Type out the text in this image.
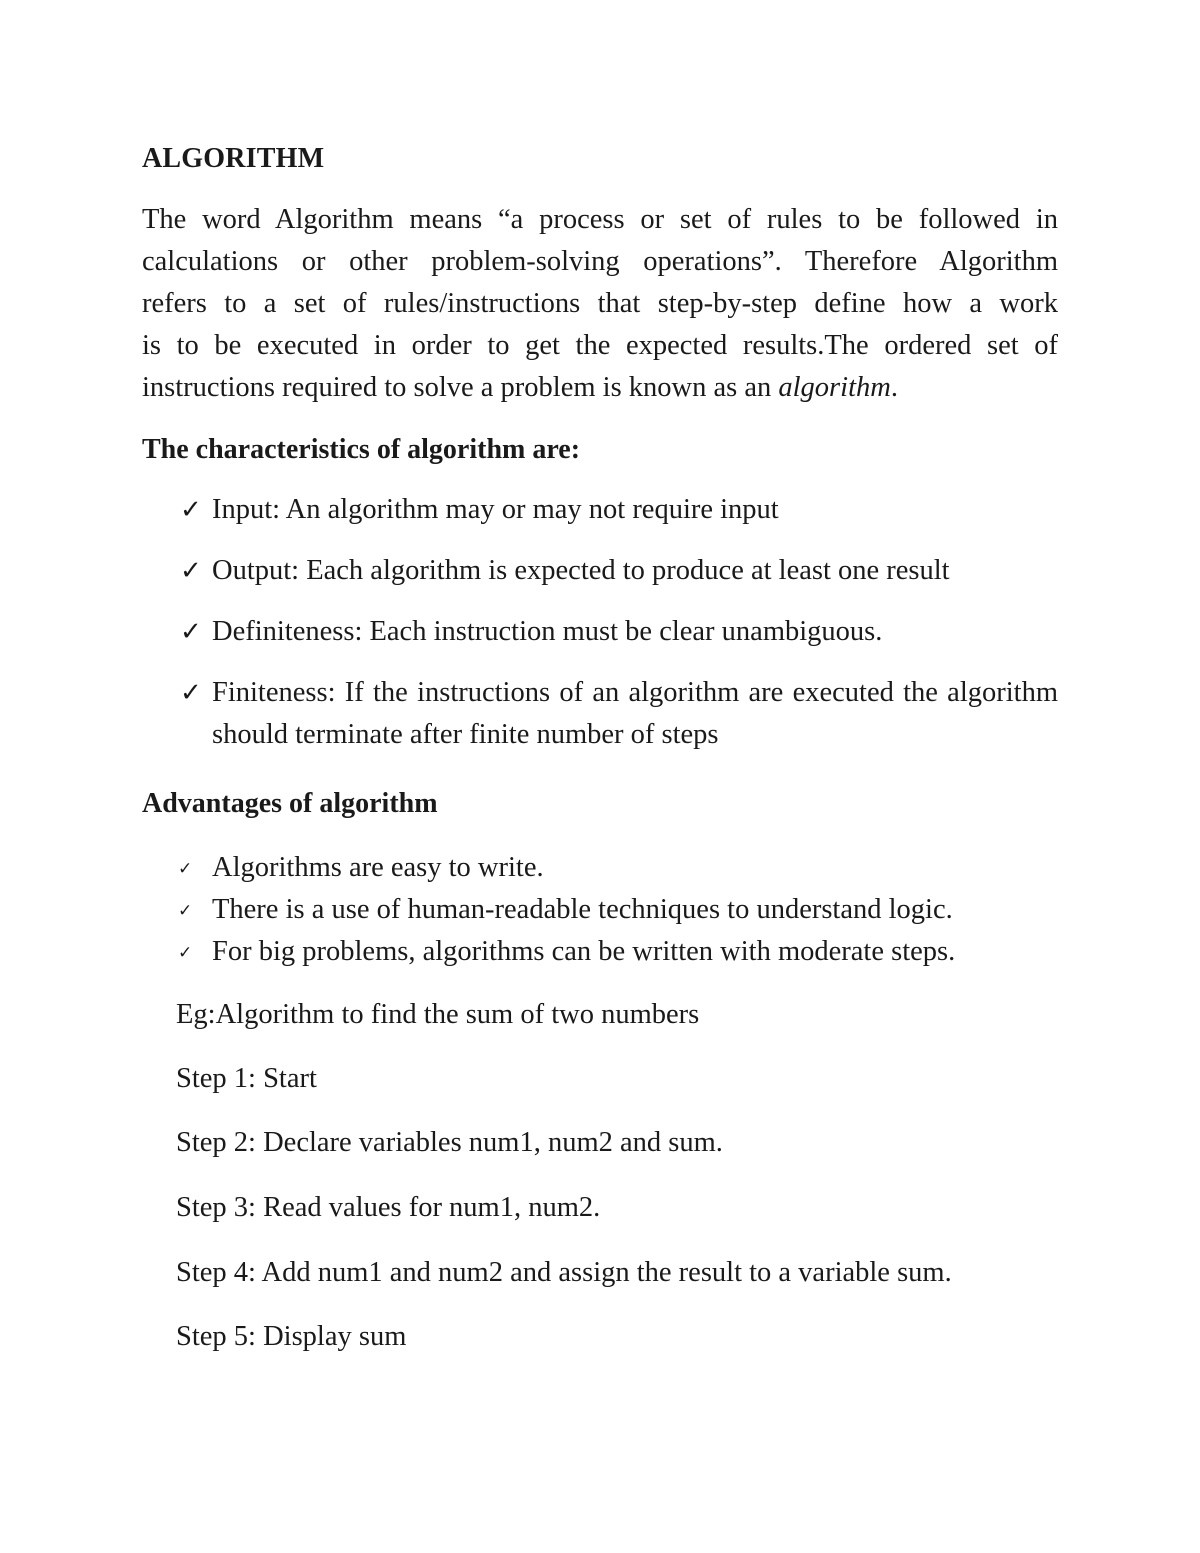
ALGORITHM
The word Algorithm means “a process or set of rules to be followed in
calculations or other problem-solving operations”. Therefore Algorithm
refers to a set of rules/instructions that step-by-step define how a work
is to be executed in order to get the expected results.The ordered set of
instructions required to solve a problem is known as an algorithm.
The characteristics of algorithm are:
✓ Input: An algorithm may or may not require input
✓ Output: Each algorithm is expected to produce at least one result
✓ Definiteness: Each instruction must be clear unambiguous.
✓ Finiteness: If the instructions of an algorithm are executed the algorithm should terminate after finite number of steps
Advantages of algorithm
✓ Algorithms are easy to write.
✓ There is a use of human-readable techniques to understand logic.
✓ For big problems, algorithms can be written with moderate steps.
Eg:Algorithm to find the sum of two numbers
Step 1: Start
Step 2: Declare variables num1, num2 and sum.
Step 3: Read values for num1, num2.
Step 4: Add num1 and num2 and assign the result to a variable sum.
Step 5: Display sum
